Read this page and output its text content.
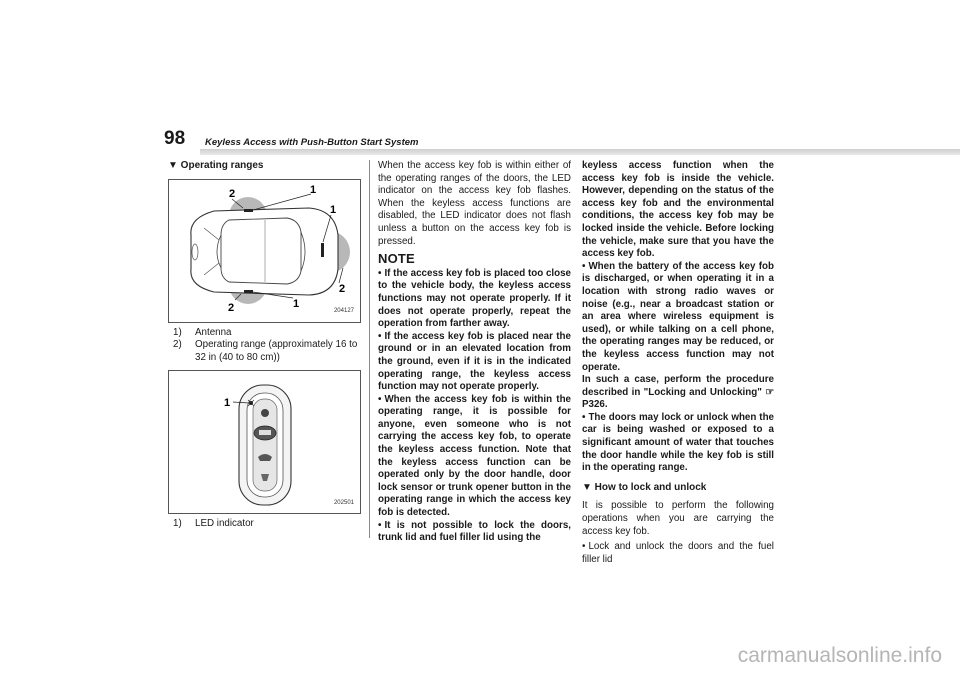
98 Keyless Access with Push-Button Start System

▼ Operating ranges

2	1
1
2
1
2	204127
1)	Antenna
2)	Operating range (approximately 16 to 32 in (40 to 80 cm))
1
202501
1)	LED indicator

When the access key fob is within either of the operating ranges of the doors, the LED indicator on the access key fob flashes. When the keyless access functions are disabled, the LED indicator does not flash unless a button on the access key fob is pressed.

NOTE

• If the access key fob is placed too close to the vehicle body, the keyless access functions may not operate properly. If it does not operate properly, repeat the operation from farther away.

• If the access key fob is placed near the ground or in an elevated location from the ground, even if it is in the indicated operating range, the keyless access function may not operate properly.

• When the access key fob is within the operating range, it is possible for anyone, even someone who is not carrying the access key fob, to operate the keyless access function. Note that the keyless access function can be operated only by the door handle, door lock sensor or trunk opener button in the operating range in which the access key fob is detected.

• It is not possible to lock the doors, trunk lid and fuel filler lid using the

keyless access function when the access key fob is inside the vehicle. However, depending on the status of the access key fob and the environmental conditions, the access key fob may be locked inside the vehicle. Before locking the vehicle, make sure that you have the access key fob.

• When the battery of the access key fob is discharged, or when operating it in a location with strong radio waves or noise (e.g., near a broadcast station or an area where wireless equipment is used), or while talking on a cell phone, the operating ranges may be reduced, or the keyless access function may not operate.

In such a case, perform the procedure described in "Locking and Unlocking" ☞ P326.

• The doors may lock or unlock when the car is being washed or exposed to a significant amount of water that touches the door handle while the key fob is still in the operating range.

▼ How to lock and unlock

It is possible to perform the following operations when you are carrying the access key fob.

• Lock and unlock the doors and the fuel filler lid

carmanualsonline.info
